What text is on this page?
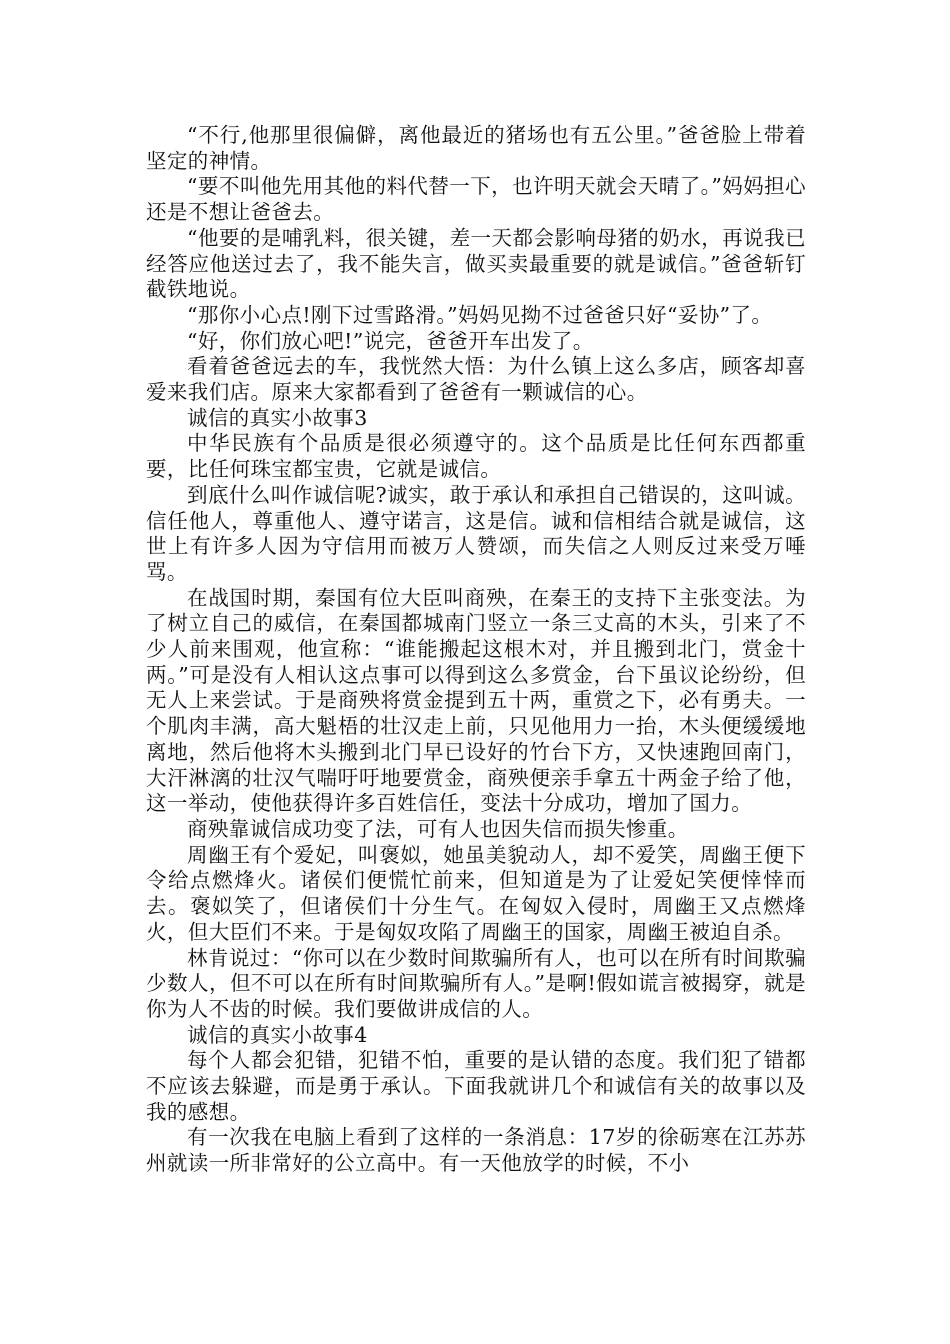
“不行,他那里很偏僻，离他最近的猪场也有五公里。”爸爸脸上带着坚定的神情。

“要不叫他先用其他的料代替一下，也许明天就会天晴了。”妈妈担心还是不想让爸爸去。

“他要的是哺乳料，很关键，差一天都会影响母猪的奶水，再说我已经答应他送过去了，我不能失言，做买卖最重要的就是诚信。”爸爸斩钉截铁地说。

“那你小心点!刚下过雪路滑。”妈妈见拗不过爸爸只好“妥协”了。

“好，你们放心吧!”说完，爸爸开车出发了。

看着爸爸远去的车，我恍然大悟：为什么镇上这么多店，顾客却喜爱来我们店。原来大家都看到了爸爸有一颗诚信的心。

诚信的真实小故事3

中华民族有个品质是很必须遵守的。这个品质是比任何东西都重要，比任何珠宝都宝贵，它就是诚信。

到底什么叫作诚信呢?诚实，敢于承认和承担自己错误的，这叫诚。信任他人，尊重他人、遵守诺言，这是信。诚和信相结合就是诚信，这世上有许多人因为守信用而被万人赞颂，而失信之人则反过来受万唾骂。

在战国时期，秦国有位大臣叫商殃，在秦王的支持下主张变法。为了树立自己的威信，在秦国都城南门竖立一条三丈高的木头，引来了不少人前来围观，他宣称：“谁能搬起这根木对，并且搬到北门，赏金十两。”可是没有人相认这点事可以得到这么多赏金，台下虽议论纷纷，但无人上来尝试。于是商殃将赏金提到五十两，重赏之下，必有勇夫。一个肌肉丰满，高大魁梧的壮汉走上前，只见他用力一抬，木头便缓缓地离地，然后他将木头搬到北门早已设好的竹台下方，又快速跑回南门，大汗淋漓的壮汉气喘吁吁地要赏金，商殃便亲手拿五十两金子给了他，这一举动，使他获得许多百姓信任，变法十分成功，增加了国力。

商殃靠诚信成功变了法，可有人也因失信而损失惨重。

周幽王有个爱妃，叫褒姒，她虽美貌动人，却不爱笑，周幽王便下令给点燃烽火。诸侯们便慌忙前来，但知道是为了让爱妃笑便悻悻而去。褒姒笑了，但诸侯们十分生气。在匈奴入侵时，周幽王又点燃烽火，但大臣们不来。于是匈奴攻陷了周幽王的国家，周幽王被迫自杀。

林肯说过：“你可以在少数时间欺骗所有人，也可以在所有时间欺骗少数人，但不可以在所有时间欺骗所有人。”是啊!假如谎言被揭穿，就是你为人不齿的时候。我们要做讲成信的人。

诚信的真实小故事4

每个人都会犯错，犯错不怕，重要的是认错的态度。我们犯了错都不应该去躲避，而是勇于承认。下面我就讲几个和诚信有关的故事以及我的感想。

有一次我在电脑上看到了这样的一条消息：17岁的徐砺寒在江苏苏州就读一所非常好的公立高中。有一天他放学的时候，不小
